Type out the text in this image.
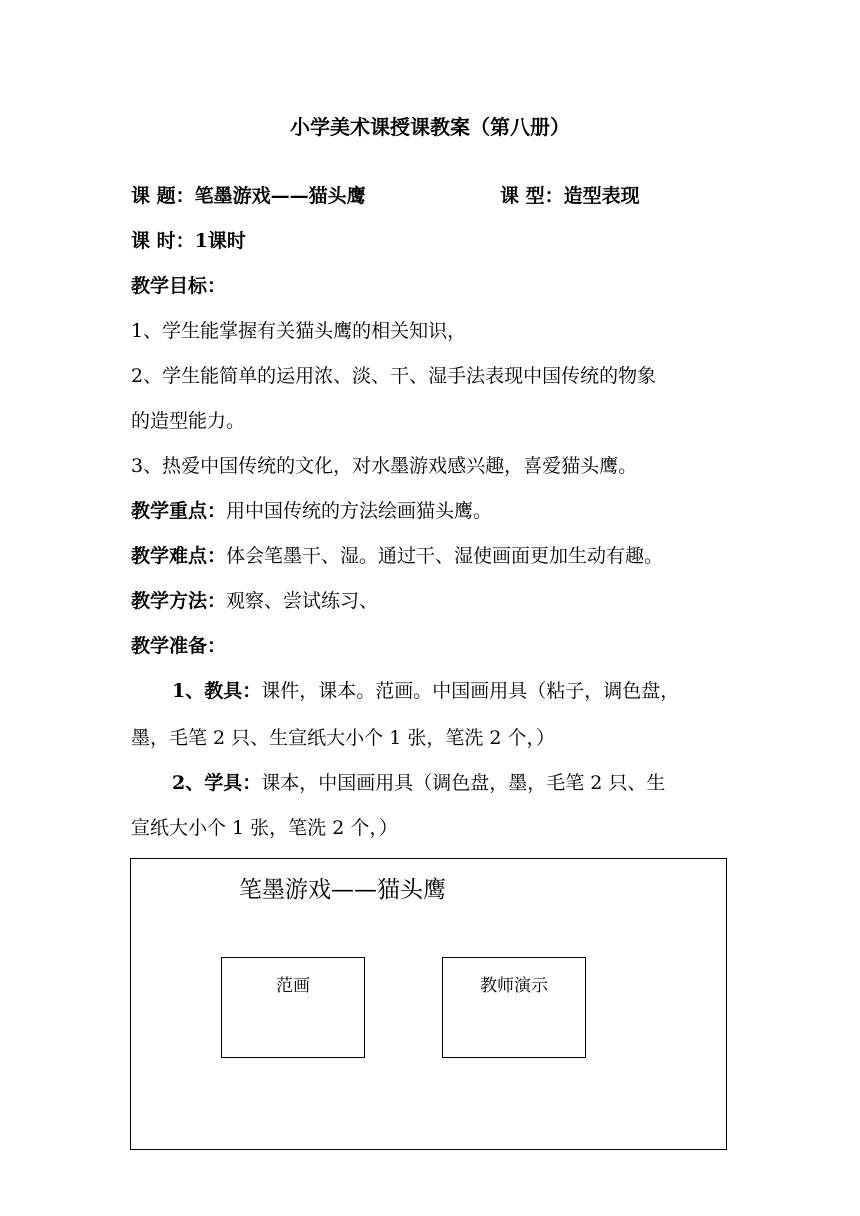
小学美术课授课教案（第八册）
课 题：笔墨游戏——猫头鹰	课 型：造型表现
课 时：1课时
教学目标：
1、学生能掌握有关猫头鹰的相关知识，
2、学生能简单的运用浓、淡、干、湿手法表现中国传统的物象
的造型能力。
3、热爱中国传统的文化，对水墨游戏感兴趣，喜爱猫头鹰。
教学重点：用中国传统的方法绘画猫头鹰。
教学难点：体会笔墨干、湿。通过干、湿使画面更加生动有趣。
教学方法：观察、尝试练习、
教学准备：
1、教具：课件，课本。范画。中国画用具（粘子，调色盘，
墨，毛笔 2 只、生宣纸大小个 1 张，笔洗 2 个，）
2、学具：课本，中国画用具（调色盘，墨，毛笔 2 只、生
宣纸大小个 1 张，笔洗 2 个，）
笔墨游戏——猫头鹰
范画	教师演示
